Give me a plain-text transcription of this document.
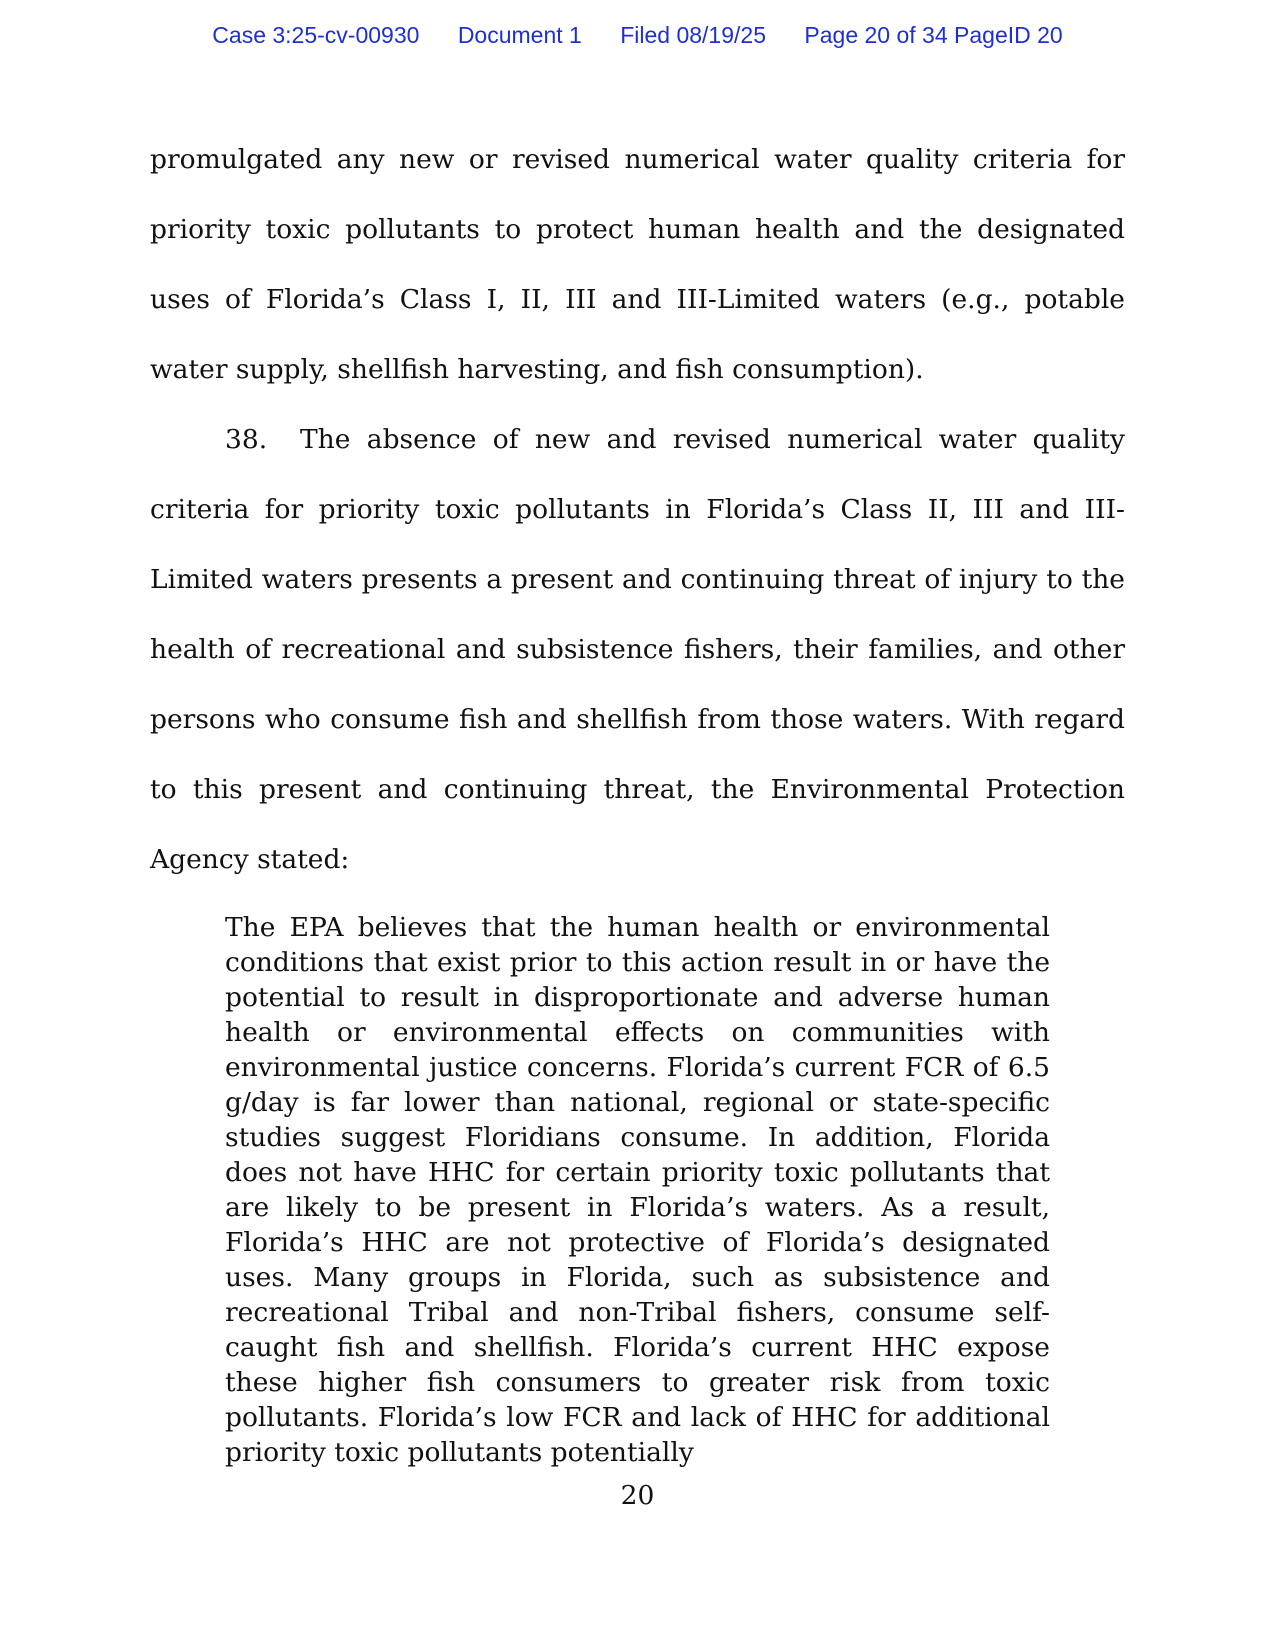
Case 3:25-cv-00930 Document 1 Filed 08/19/25 Page 20 of 34 PageID 20
promulgated any new or revised numerical water quality criteria for priority toxic pollutants to protect human health and the designated uses of Florida’s Class I, II, III and III-Limited waters (e.g., potable water supply, shellfish harvesting, and fish consumption).
38. The absence of new and revised numerical water quality criteria for priority toxic pollutants in Florida’s Class II, III and III-Limited waters presents a present and continuing threat of injury to the health of recreational and subsistence fishers, their families, and other persons who consume fish and shellfish from those waters. With regard to this present and continuing threat, the Environmental Protection Agency stated:
The EPA believes that the human health or environmental conditions that exist prior to this action result in or have the potential to result in disproportionate and adverse human health or environmental effects on communities with environmental justice concerns. Florida’s current FCR of 6.5 g/day is far lower than national, regional or state-specific studies suggest Floridians consume. In addition, Florida does not have HHC for certain priority toxic pollutants that are likely to be present in Florida’s waters. As a result, Florida’s HHC are not protective of Florida’s designated uses. Many groups in Florida, such as subsistence and recreational Tribal and non-Tribal fishers, consume self-caught fish and shellfish. Florida’s current HHC expose these higher fish consumers to greater risk from toxic pollutants. Florida’s low FCR and lack of HHC for additional priority toxic pollutants potentially
20
